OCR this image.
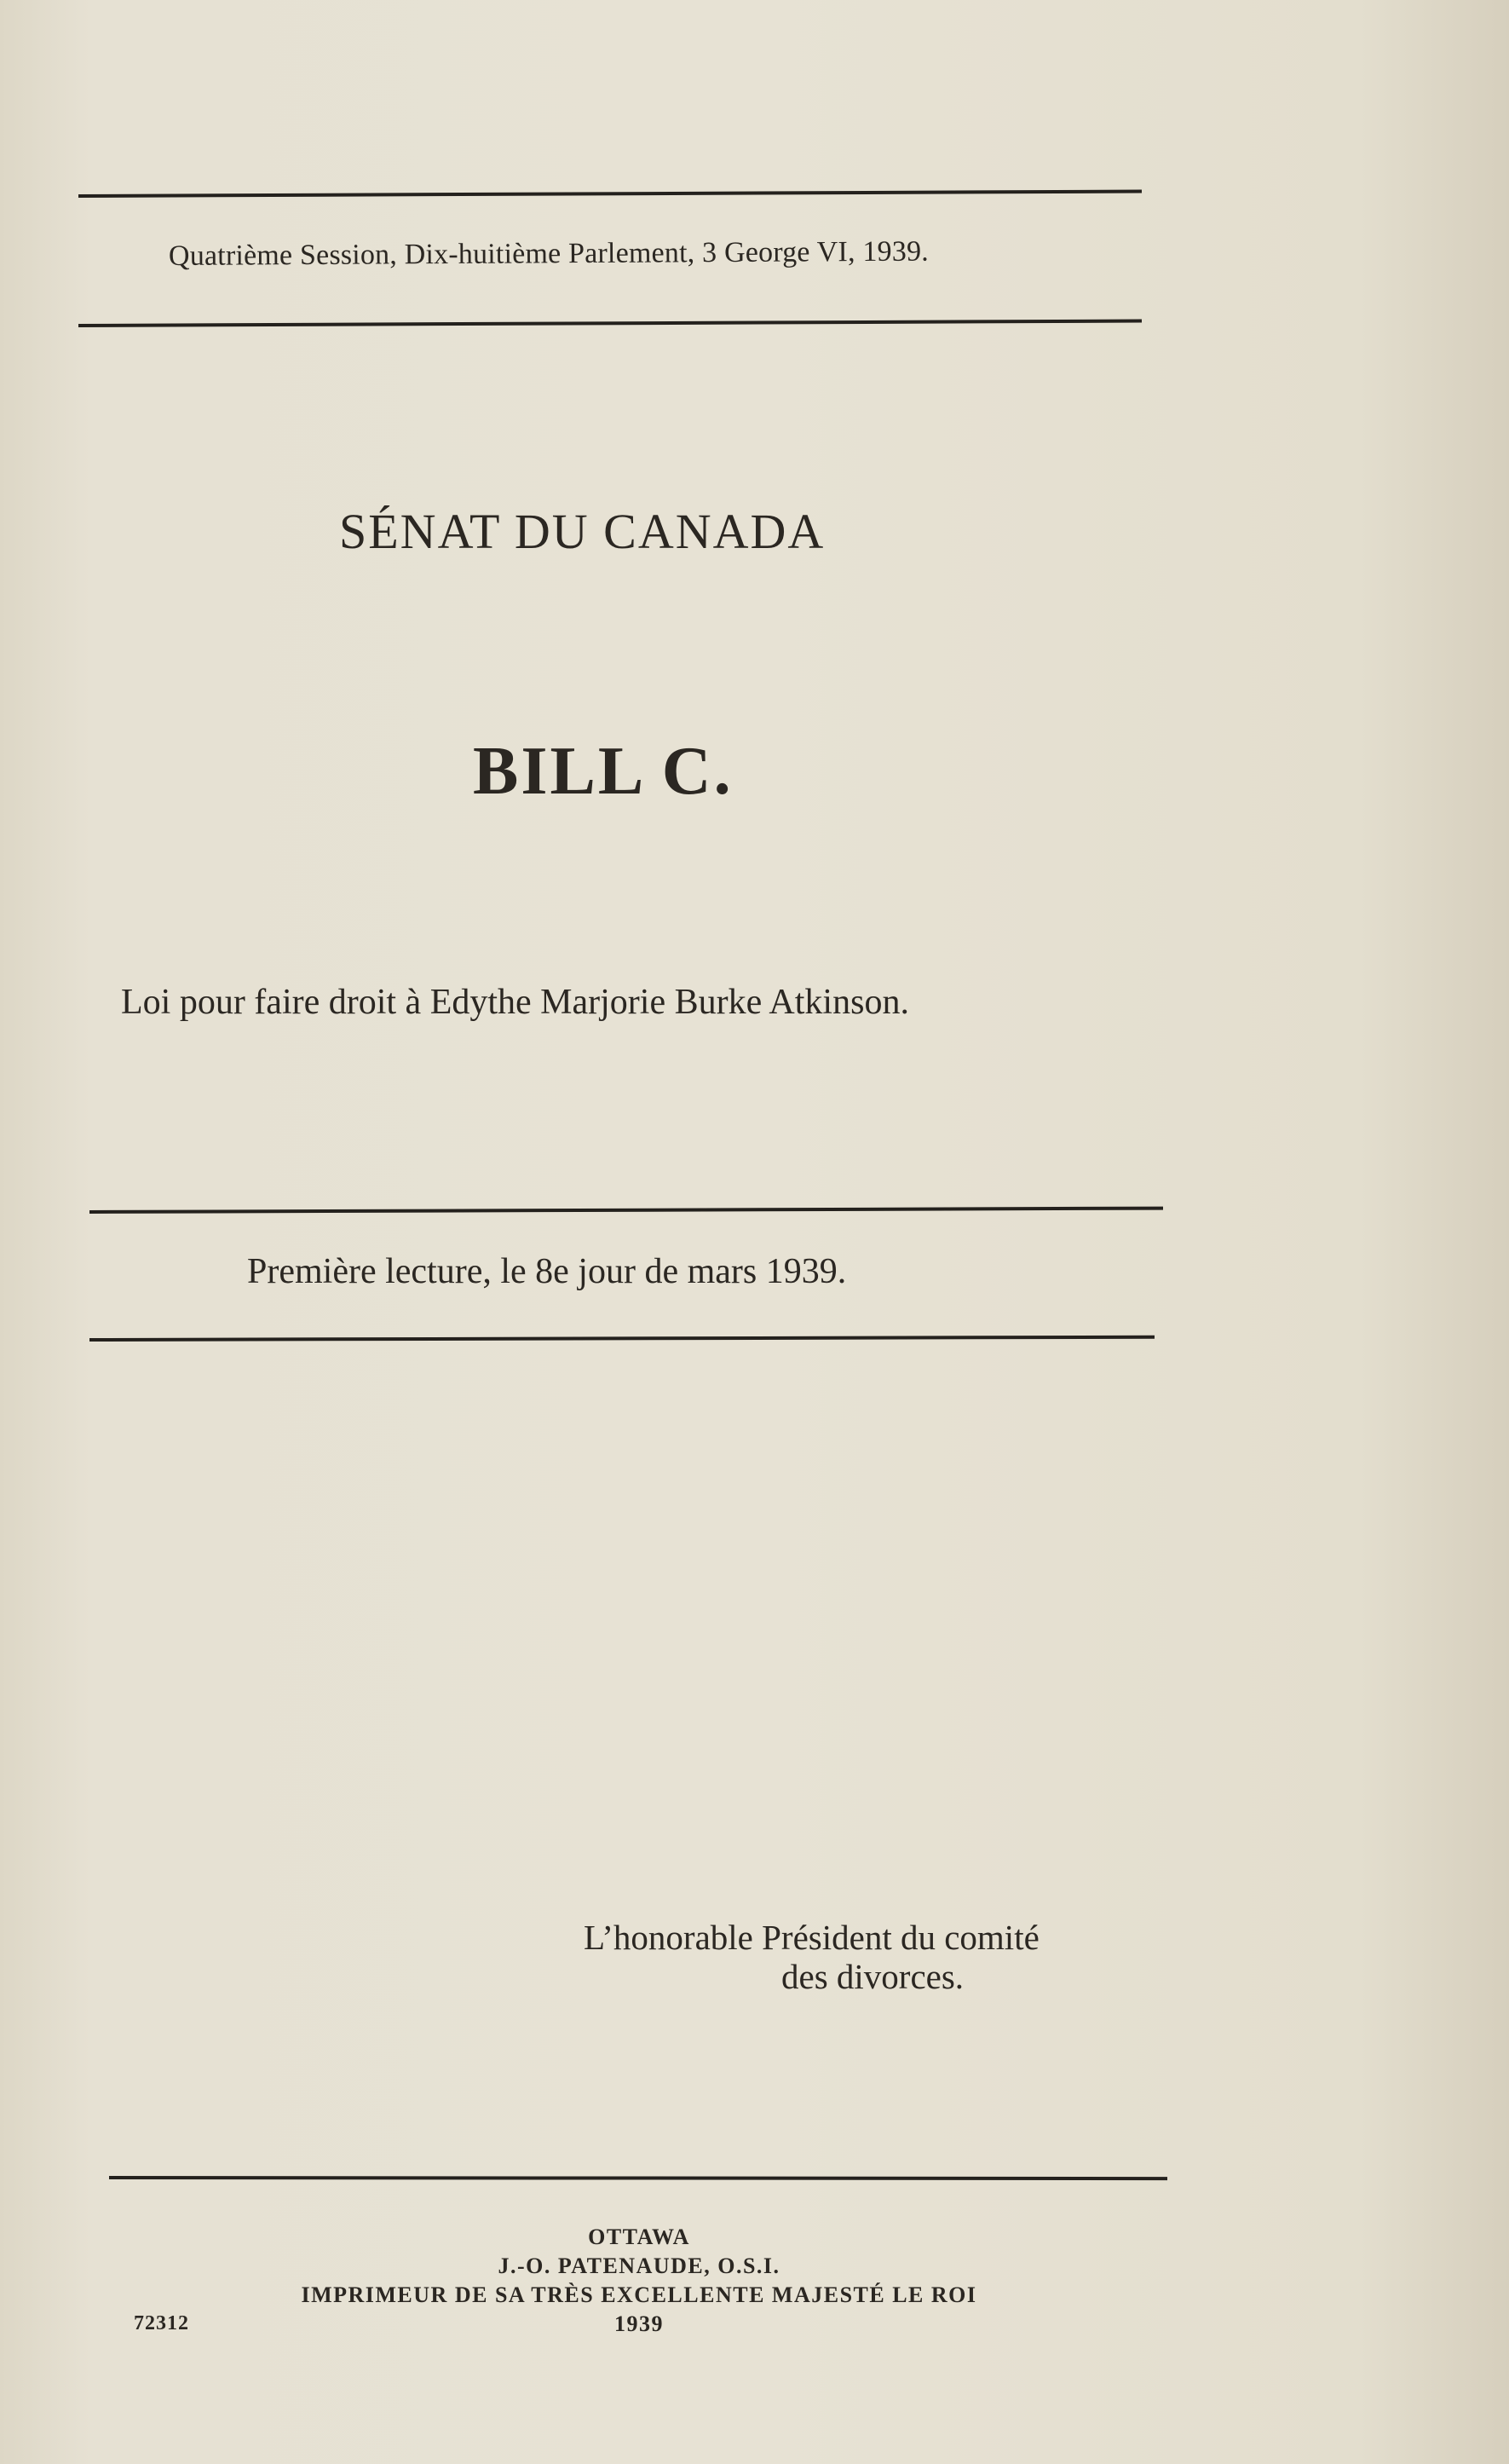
Quatrième Session, Dix-huitième Parlement, 3 George VI, 1939.
SÉNAT DU CANADA
BILL C.
Loi pour faire droit à Edythe Marjorie Burke Atkinson.
Première lecture, le 8e jour de mars 1939.
L’honorable Président du comité
des divorces.
OTTAWA
J.-O. PATENAUDE, O.S.I.
IMPRIMEUR DE SA TRÈS EXCELLENTE MAJESTÉ LE ROI
1939
72312
